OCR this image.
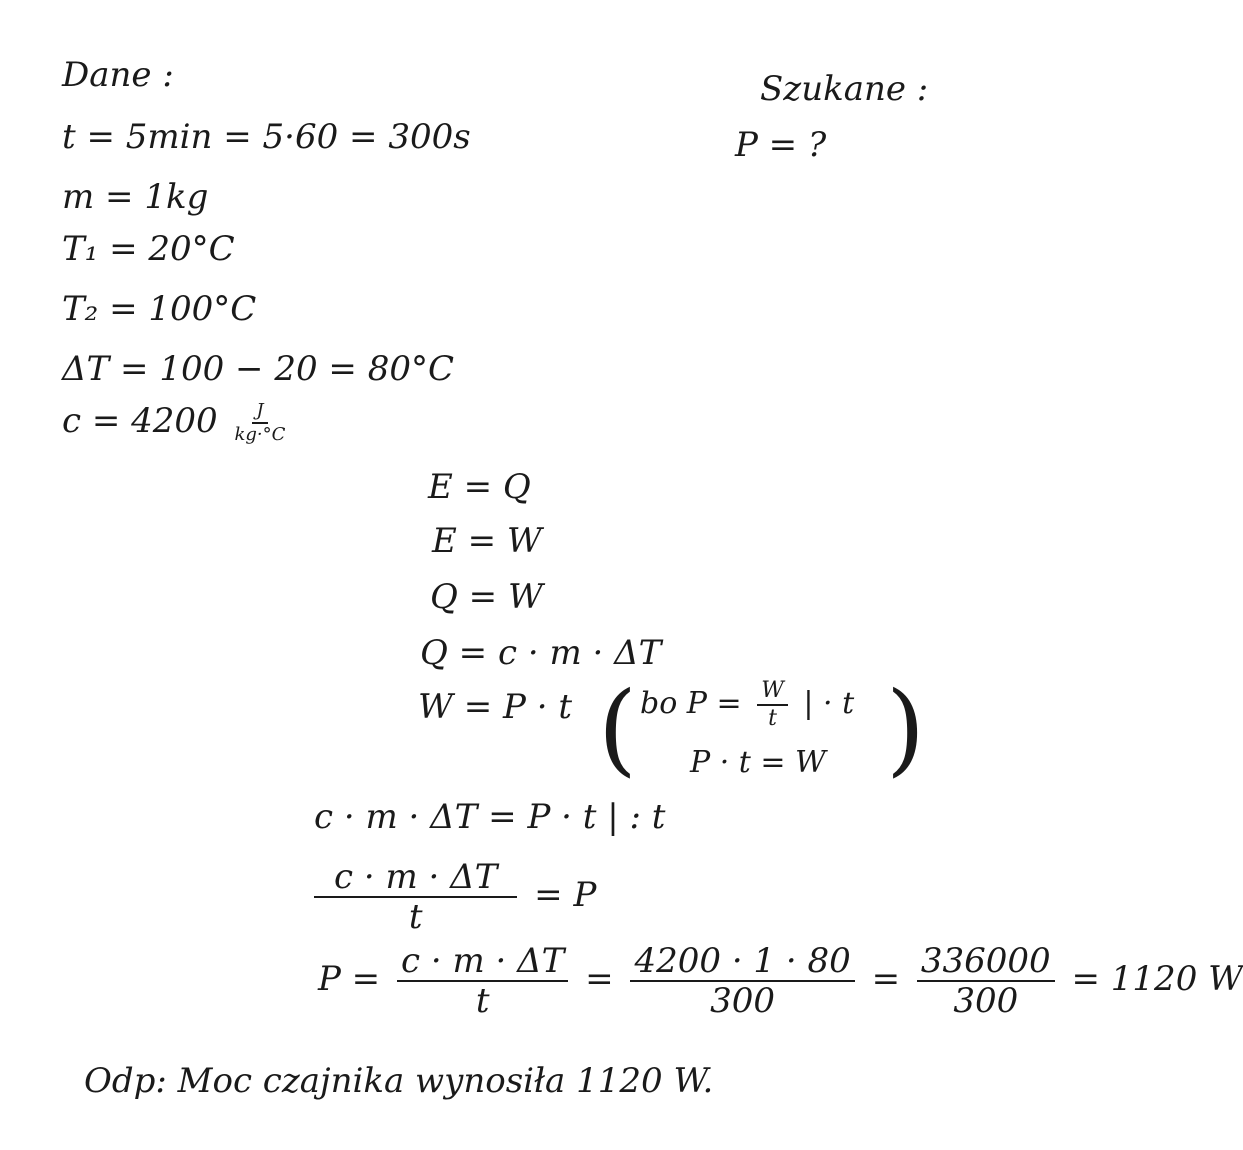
Dane :
t = 5min = 5·60 = 300s
m = 1kg
T₁ = 20°C
T₂ = 100°C
ΔT = 100 − 20 = 80°C
$c = 4200 \frac{J}{kg\cdot^\circ C}$
Szukane :
P = ?
E = Q
E = W
Q = W
Q = c · m · ΔT
W = P · t ( bo $P = \frac{W}{t}$ | · t
P · t = W )
c · m · ΔT = P · t | : t
$\frac{c \cdot m \cdot \Delta T}{t} = P$
$P = \frac{c \cdot m \cdot \Delta T}{t} = \frac{4200 \cdot 1 \cdot 80}{300} = \frac{336000}{300} = 1120$ W
Odp: Moc czajnika wynosiła 1120 W.
